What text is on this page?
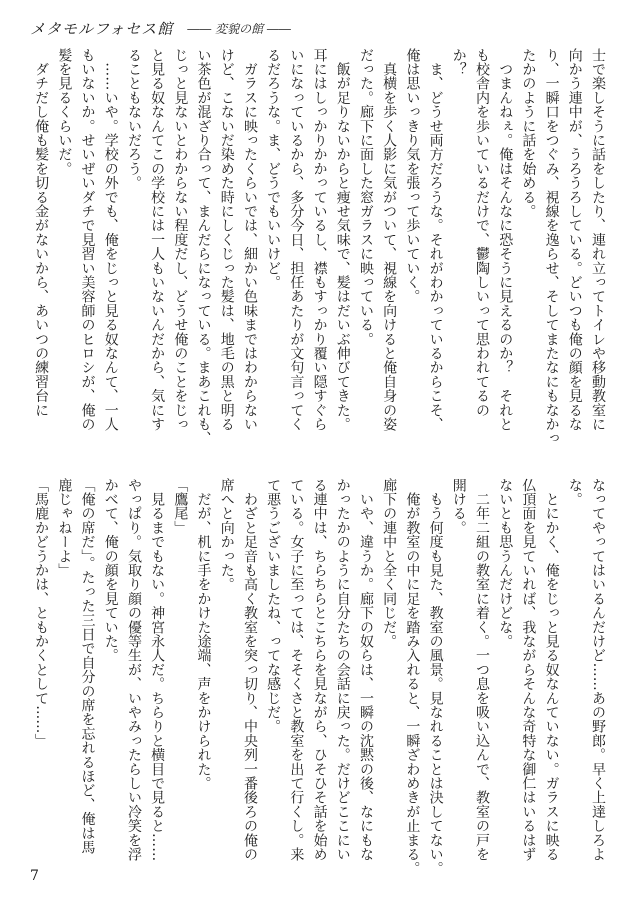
メタモルフォセス館 ―― 変貌の館 ――
士で楽しそうに話をしたり、連れ立ってトイレや移動教室に
向かう連中が、うろうろしている。どいつも俺の顔を見るな
り、一瞬口をつぐみ、視線を逸らせ、そしてまたなにもなかっ
たかのように話を始める。
　つまんねぇ。俺はそんなに恐そうに見えるのか？　それと
も校舎内を歩いているだけで、鬱陶しいって思われてるの
か？
　ま、どうせ両方だろうな。それがわかっているからこそ、
俺は思いっきり気を張って歩いていく。
　真横を歩く人影に気がついて、視線を向けると俺自身の姿
だった。廊下に面した窓ガラスに映っている。
　飯が足りないからと痩せ気味で、髪はだいぶ伸びてきた。
耳にはしっかりかかっているし、襟もすっかり覆い隠すぐら
いになっているから、多分今日、担任あたりが文句言ってく
るだろうな。ま、どうでもいいけど。
　ガラスに映ったくらいでは、細かい色味まではわからない
けど、こないだ染めた時にしくじった髪は、地毛の黒と明る
い茶色が混ざり合って、まんだらになっている。まあこれも、
じっと見ないとわからない程度だし、どうせ俺のことをじっ
と見る奴なんてこの学校には一人もいないんだから、気にす
ることもないだろう。
　……いや。学校の外でも、俺をじっと見る奴なんて、一人
もいないか。せいぜいダチで見習い美容師のヒロシが、俺の
髪を見るくらいだ。
　ダチだし俺も髪を切る金がないから、あいつの練習台に
なってやってはいるんだけど……あの野郎。早く上達しろよ
な。
　とにかく、俺をじっと見る奴なんていない。ガラスに映る
仏頂面を見ていれば、我ながらそんな奇特な御仁はいるはず
ないとも思うんだけどな。
　二年二組の教室に着く。一つ息を吸い込んで、教室の戸を
開ける。
　もう何度も見た、教室の風景。見なれることは決してない。
　俺が教室の中に足を踏み入れると、一瞬ざわめきが止まる。
廊下の連中と全く同じだ。
　いや、違うか。廊下の奴らは、一瞬の沈黙の後、なにもな
かったかのように自分たちの会話に戻った。だけどここにい
る連中は、ちらちらとこちらを見ながら、ひそひそ話を始め
ている。女子に至っては、そそくさと教室を出て行くし。来
て悪うございましたね、ってな感じだ。
　わざと足音も高く教室を突っ切り、中央列一番後ろの俺の
席へと向かった。
　だが、机に手をかけた途端、声をかけられた。
「鷹尾」
　見るまでもない。神宮永人だ。ちらりと横目で見ると……
やっぱり。気取り顔の優等生が、いやみったらしい冷笑を浮
かべて、俺の顔を見ていた。
「俺の席だ」。たった三日で自分の席を忘れるほど、俺は馬
鹿じゃねーよ」
「馬鹿かどうかは、ともかくとして……」
7
